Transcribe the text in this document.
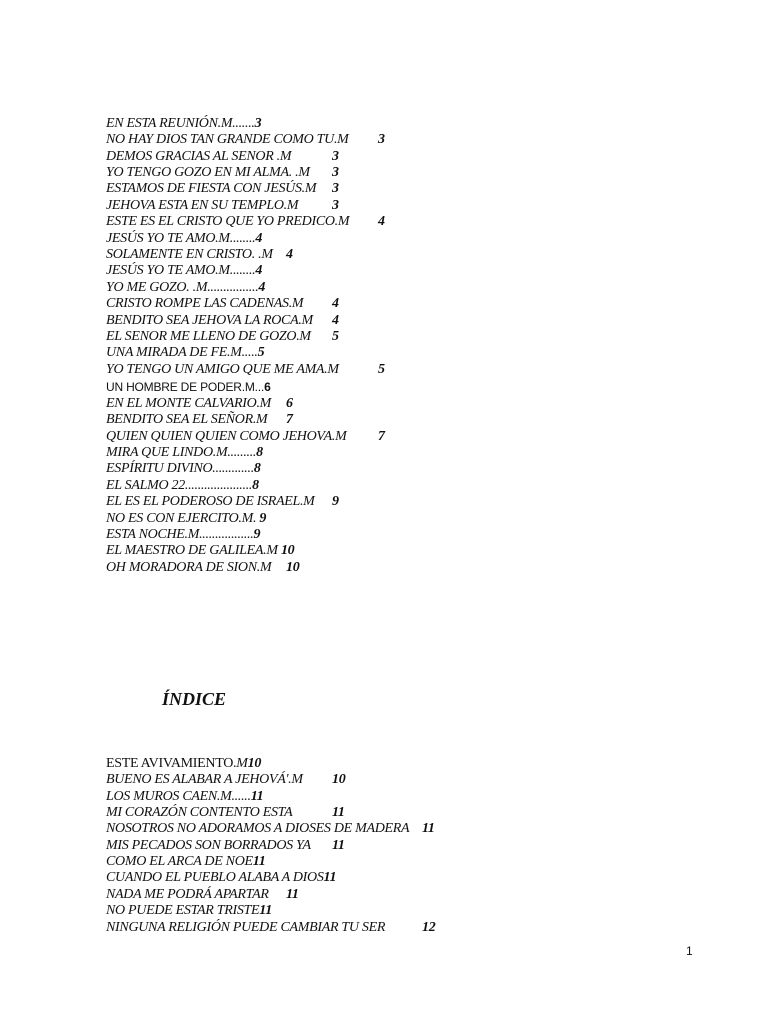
EN ESTA REUNIÓN.M.......3

NO HAY DIOS TAN GRANDE COMO TU.M 3

DEMOS GRACIAS AL SENOR .M	3

YO TENGO GOZO EN MI ALMA. .M 3

ESTAMOS DE FIESTA CON JESÚS.M 3

JEHOVA ESTA EN SU TEMPLO.M 3

ESTE ES EL CRISTO QUE YO PREDICO.M 4

JESÚS YO TE AMO.M........4

SOLAMENTE EN CRISTO. .M 4

JESÚS YO TE AMO.M........4

YO ME GOZO. .M................4

CRISTO ROMPE LAS CADENAS.M 4

BENDITO SEA JEHOVA LA ROCA.M 4

EL SENOR ME LLENO DE GOZO.M 5

UNA MIRADA DE FE.M.....5

YO TENGO UN AMIGO QUE ME AMA.M	5

UN HOMBRE DE PODER.M...6

EN EL MONTE CALVARIO.M 6

BENDITO SEA EL SEÑOR.M 7

QUIEN QUIEN QUIEN COMO JEHOVA.M 7

MIRA QUE LINDO.M.........8

ESPÍRITU DIVINO.............8

EL SALMO 22.....................8

EL ES EL PODEROSO DE ISRAEL.M 9

NO ES CON EJERCITO.M. 9

ESTA NOCHE.M.................9

EL MAESTRO DE GALILEA.M 10

OH MORADORA DE SION.M 10

ÍNDICE

ESTE AVIVAMIENTO.M10

BUENO ES ALABAR A JEHOVÁ'.M 10

LOS MUROS CAEN.M......11

MI CORAZÓN CONTENTO ESTA	11

NOSOTROS NO ADORAMOS A DIOSES DE MADERA 11

MIS PECADOS SON BORRADOS YA 11

COMO EL ARCA DE NOE11

CUANDO EL PUEBLO ALABA A DIOS11

NADA ME PODRÁ APARTAR 11

NO PUEDE ESTAR TRISTE11

NINGUNA RELIGIÓN PUEDE CAMBIAR TU SER	12

1
